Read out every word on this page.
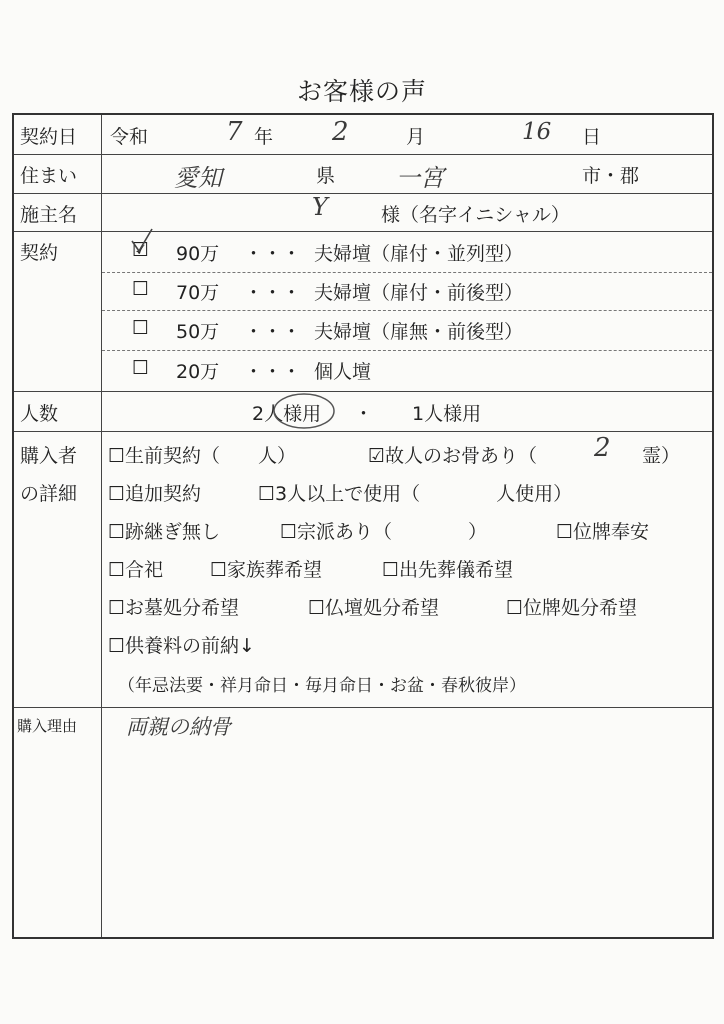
お客様の声
契約日 令和	7 年 2	月	16 日
住まい	愛知	県	一宮	市・郡
施主名	Y	様（名字イニシャル）
契約	☑ 90万 ・・・ 夫婦壇（扉付・並列型）
☐ 70万 ・・・ 夫婦壇（扉付・前後型）
☐ 50万 ・・・ 夫婦壇（扉無・前後型）
☐ 20万 ・・・ 個人壇
人数	2人様用 ・ 1人様用
購入者
の詳細
☐生前契約（　　人）	☑故人のお骨あり（ 2 霊）
☐追加契約	☐3人以上で使用（　　　　人使用）
☐跡継ぎ無し	☐宗派あり（　　　　）	☐位牌奉安
☐合祀 ☐家族葬希望	☐出先葬儀希望
☐お墓処分希望	☐仏壇処分希望	☐位牌処分希望
☐供養料の前納↓
（年忌法要・祥月命日・毎月命日・お盆・春秋彼岸）
購入理由 両親の納骨
